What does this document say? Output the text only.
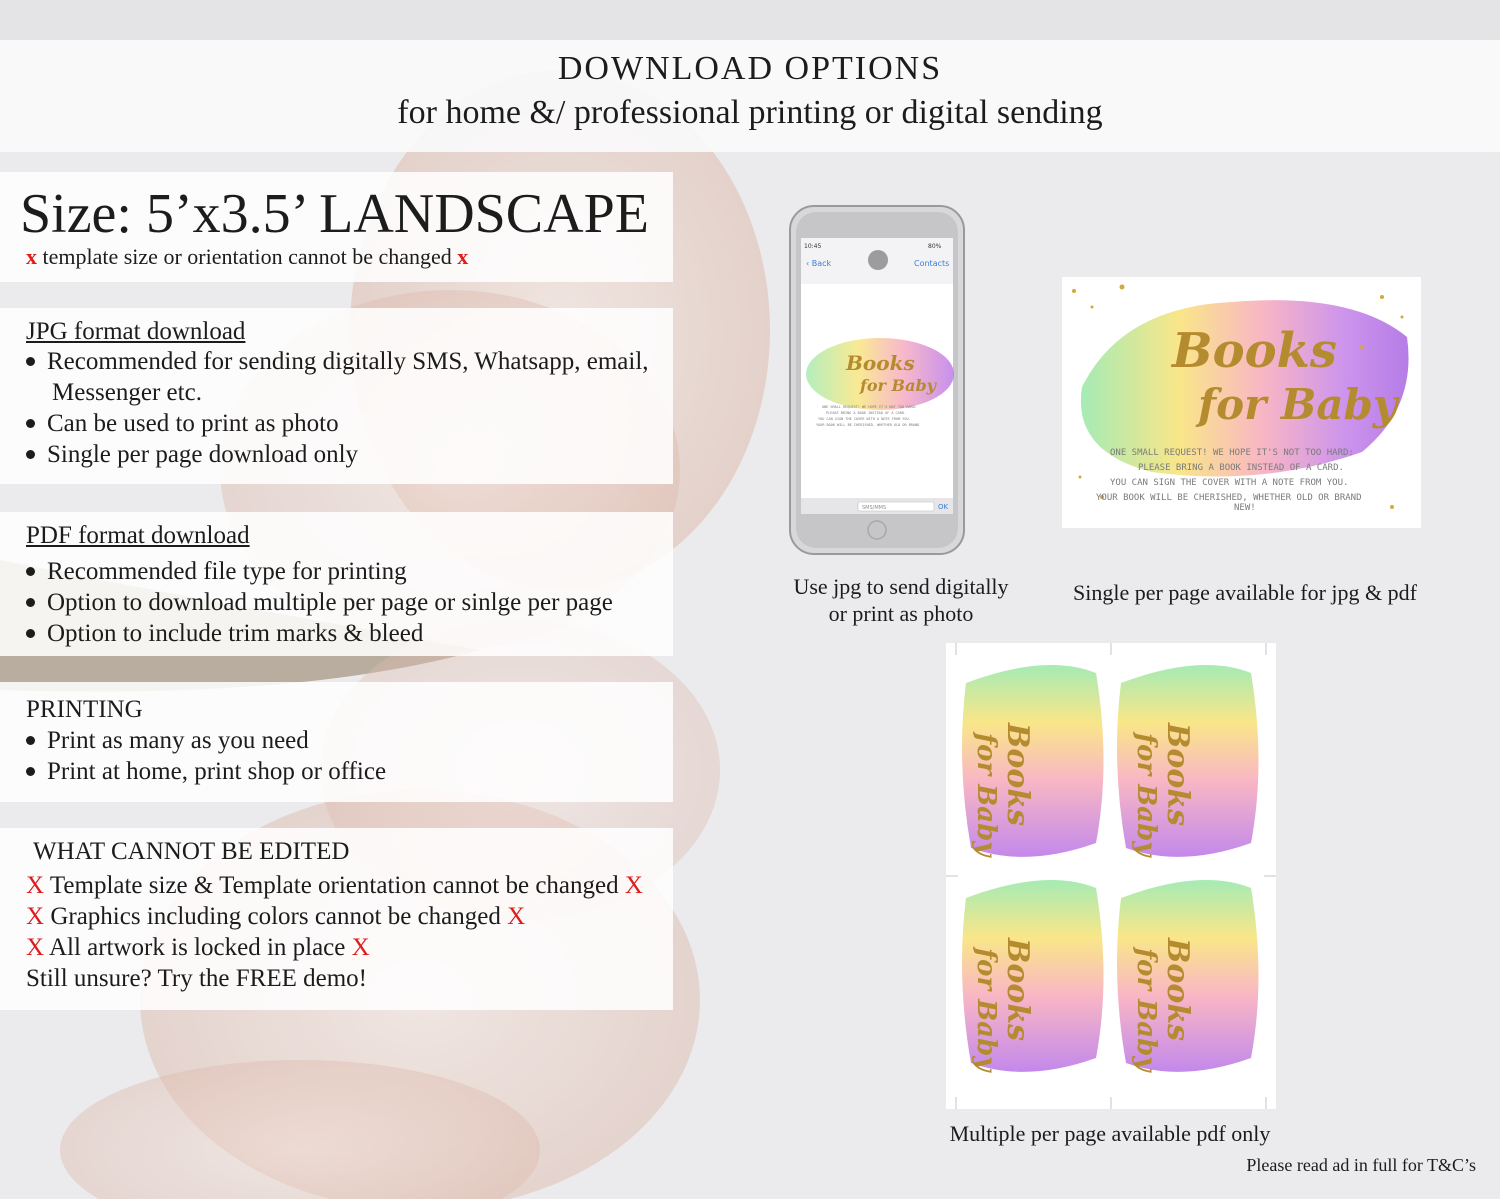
DOWNLOAD OPTIONS
for home &/ professional printing or digital sending
Size: 5’x3.5’ LANDSCAPE
x template size or orientation cannot be changed x
JPG format download
Recommended for sending digitally SMS, Whatsapp, email,
Messenger etc.
Can be used to print as photo
Single per page download only
PDF format download
Recommended file type for printing
Option to download multiple per page or sinlge per page
Option to include trim marks & bleed
PRINTING
Print as many as you need
Print at home, print shop or office
WHAT CANNOT BE EDITED
X Template size & Template orientation cannot be changed X
X Graphics including colors cannot be changed X
X All artwork is locked in place X
Still unsure? Try the FREE demo!
10:45	80%
‹ Back	Contacts
Books
for Baby
ONE SMALL REQUEST! WE HOPE IT'S NOT TOO HARD:
PLEASE BRING A BOOK INSTEAD OF A CARD.
YOU CAN SIGN THE COVER WITH A NOTE FROM YOU.
YOUR BOOK WILL BE CHERISHED, WHETHER OLD OR BRAND
SMS/MMS	OK
Books
for Baby
ONE SMALL REQUEST! WE HOPE IT'S NOT TOO HARD:
PLEASE BRING A BOOK INSTEAD OF A CARD.
YOU CAN SIGN THE COVER WITH A NOTE FROM YOU.
YOUR BOOK WILL BE CHERISHED, WHETHER OLD OR BRAND
NEW!
Books
for Baby	Books
for Baby
Books
for Baby	Books
for Baby
Use jpg to send digitally
or print as photo
Single per page available for jpg & pdf
Multiple per page available pdf only
Please read ad in full for T&C’s
